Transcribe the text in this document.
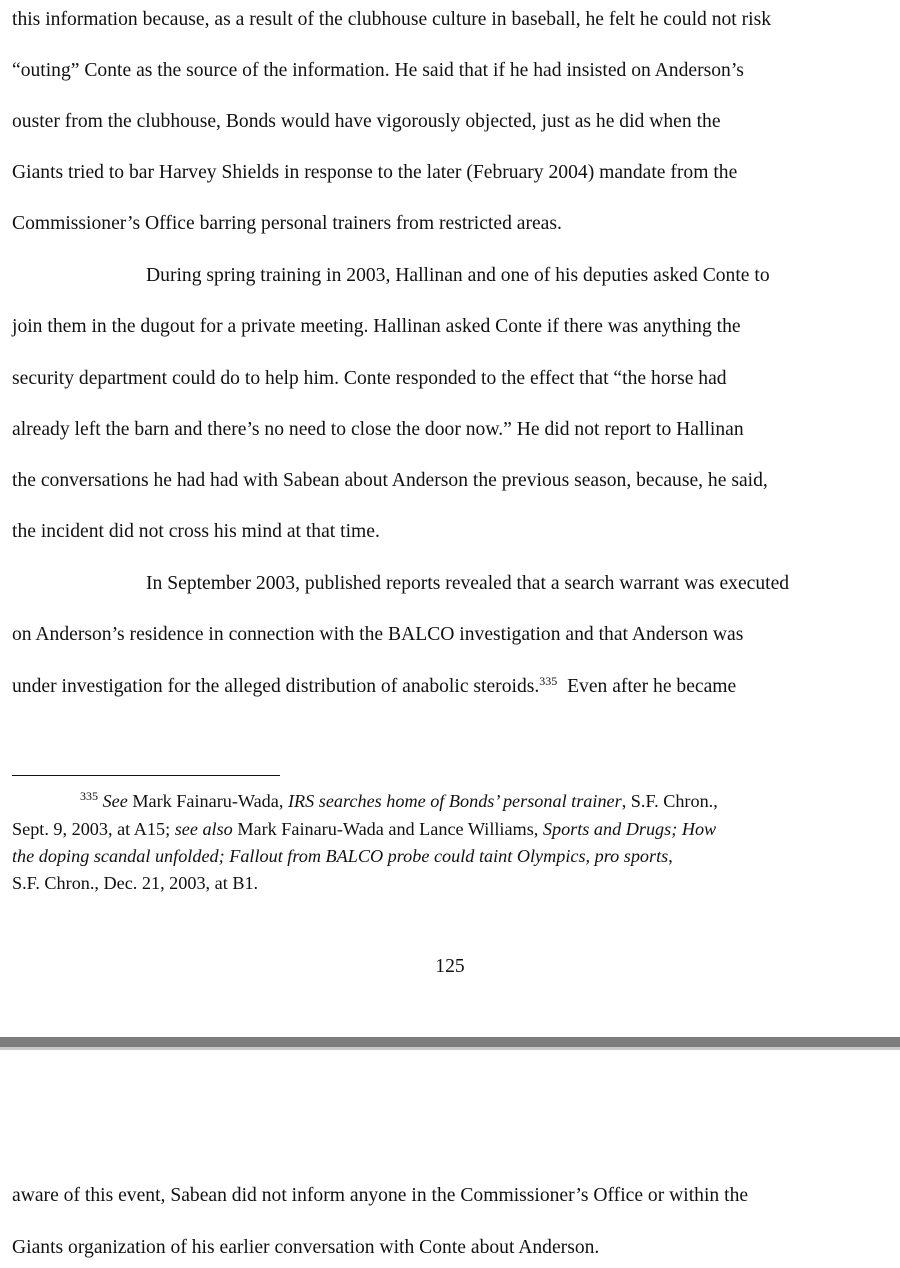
this information because, as a result of the clubhouse culture in baseball, he felt he could not risk
“outing” Conte as the source of the information. He said that if he had insisted on Anderson’s
ouster from the clubhouse, Bonds would have vigorously objected, just as he did when the
Giants tried to bar Harvey Shields in response to the later (February 2004) mandate from the
Commissioner’s Office barring personal trainers from restricted areas.
During spring training in 2003, Hallinan and one of his deputies asked Conte to
join them in the dugout for a private meeting. Hallinan asked Conte if there was anything the
security department could do to help him. Conte responded to the effect that “the horse had
already left the barn and there’s no need to close the door now.” He did not report to Hallinan
the conversations he had had with Sabean about Anderson the previous season, because, he said,
the incident did not cross his mind at that time.
In September 2003, published reports revealed that a search warrant was executed
on Anderson’s residence in connection with the BALCO investigation and that Anderson was
under investigation for the alleged distribution of anabolic steroids.$^{335}$  Even after he became
$^{335}$ See Mark Fainaru-Wada, IRS searches home of Bonds’ personal trainer, S.F. Chron.,
Sept. 9, 2003, at A15; see also Mark Fainaru-Wada and Lance Williams, Sports and Drugs; How
the doping scandal unfolded; Fallout from BALCO probe could taint Olympics, pro sports,
S.F. Chron., Dec. 21, 2003, at B1.
125
aware of this event, Sabean did not inform anyone in the Commissioner’s Office or within the
Giants organization of his earlier conversation with Conte about Anderson.
